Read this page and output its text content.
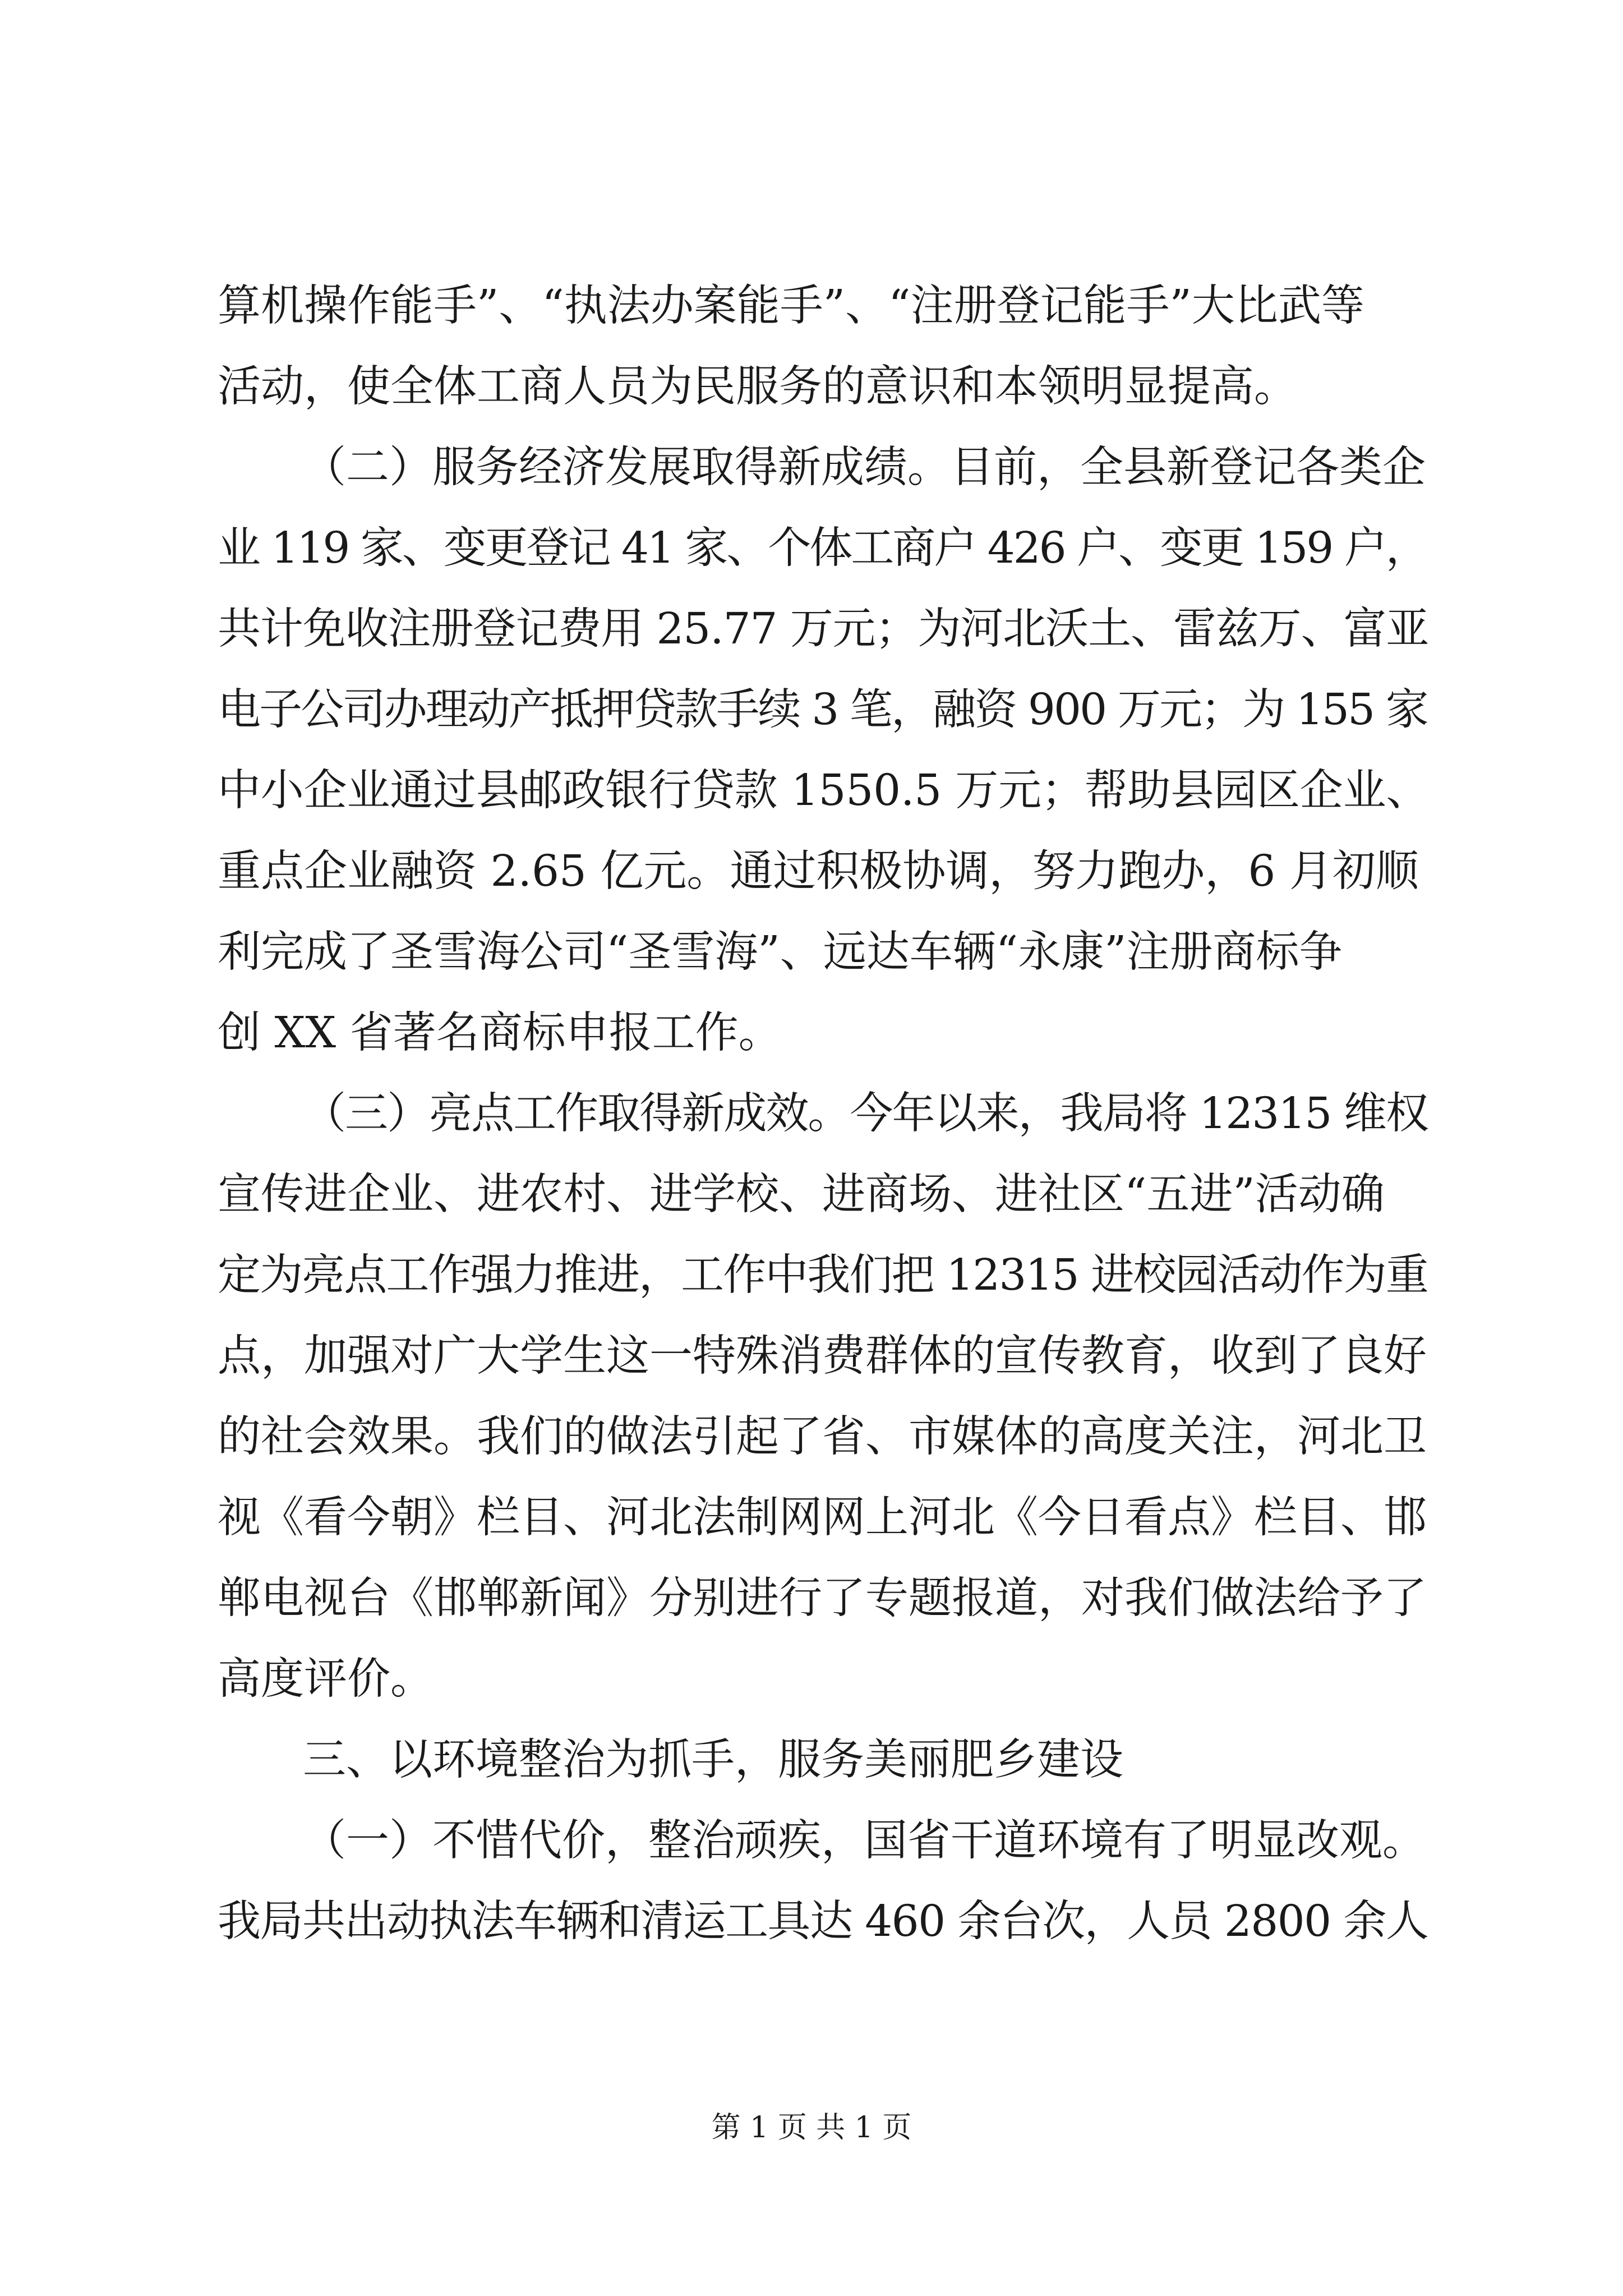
算机操作能手”、“执法办案能手”、“注册登记能手”大比武等
活动，使全体工商人员为民服务的意识和本领明显提高。
（二）服务经济发展取得新成绩。目前，全县新登记各类企
业 119 家、变更登记 41 家、个体工商户 426 户、变更 159 户，
共计免收注册登记费用 25.77 万元；为河北沃土、雷兹万、富亚
电子公司办理动产抵押贷款手续 3 笔，融资 900 万元；为 155 家
中小企业通过县邮政银行贷款 1550.5 万元；帮助县园区企业、
重点企业融资 2.65 亿元。通过积极协调，努力跑办，6 月初顺
利完成了圣雪海公司“圣雪海”、远达车辆“永康”注册商标争
创 XX 省著名商标申报工作。
（三）亮点工作取得新成效。今年以来，我局将 12315 维权
宣传进企业、进农村、进学校、进商场、进社区“五进”活动确
定为亮点工作强力推进，工作中我们把 12315 进校园活动作为重
点，加强对广大学生这一特殊消费群体的宣传教育，收到了良好
的社会效果。我们的做法引起了省、市媒体的高度关注，河北卫
视《看今朝》栏目、河北法制网网上河北《今日看点》栏目、邯
郸电视台《邯郸新闻》分别进行了专题报道，对我们做法给予了
高度评价。
三、以环境整治为抓手，服务美丽肥乡建设
（一）不惜代价，整治顽疾，国省干道环境有了明显改观。
我局共出动执法车辆和清运工具达 460 余台次，人员 2800 余人
第 1 页 共 1 页
